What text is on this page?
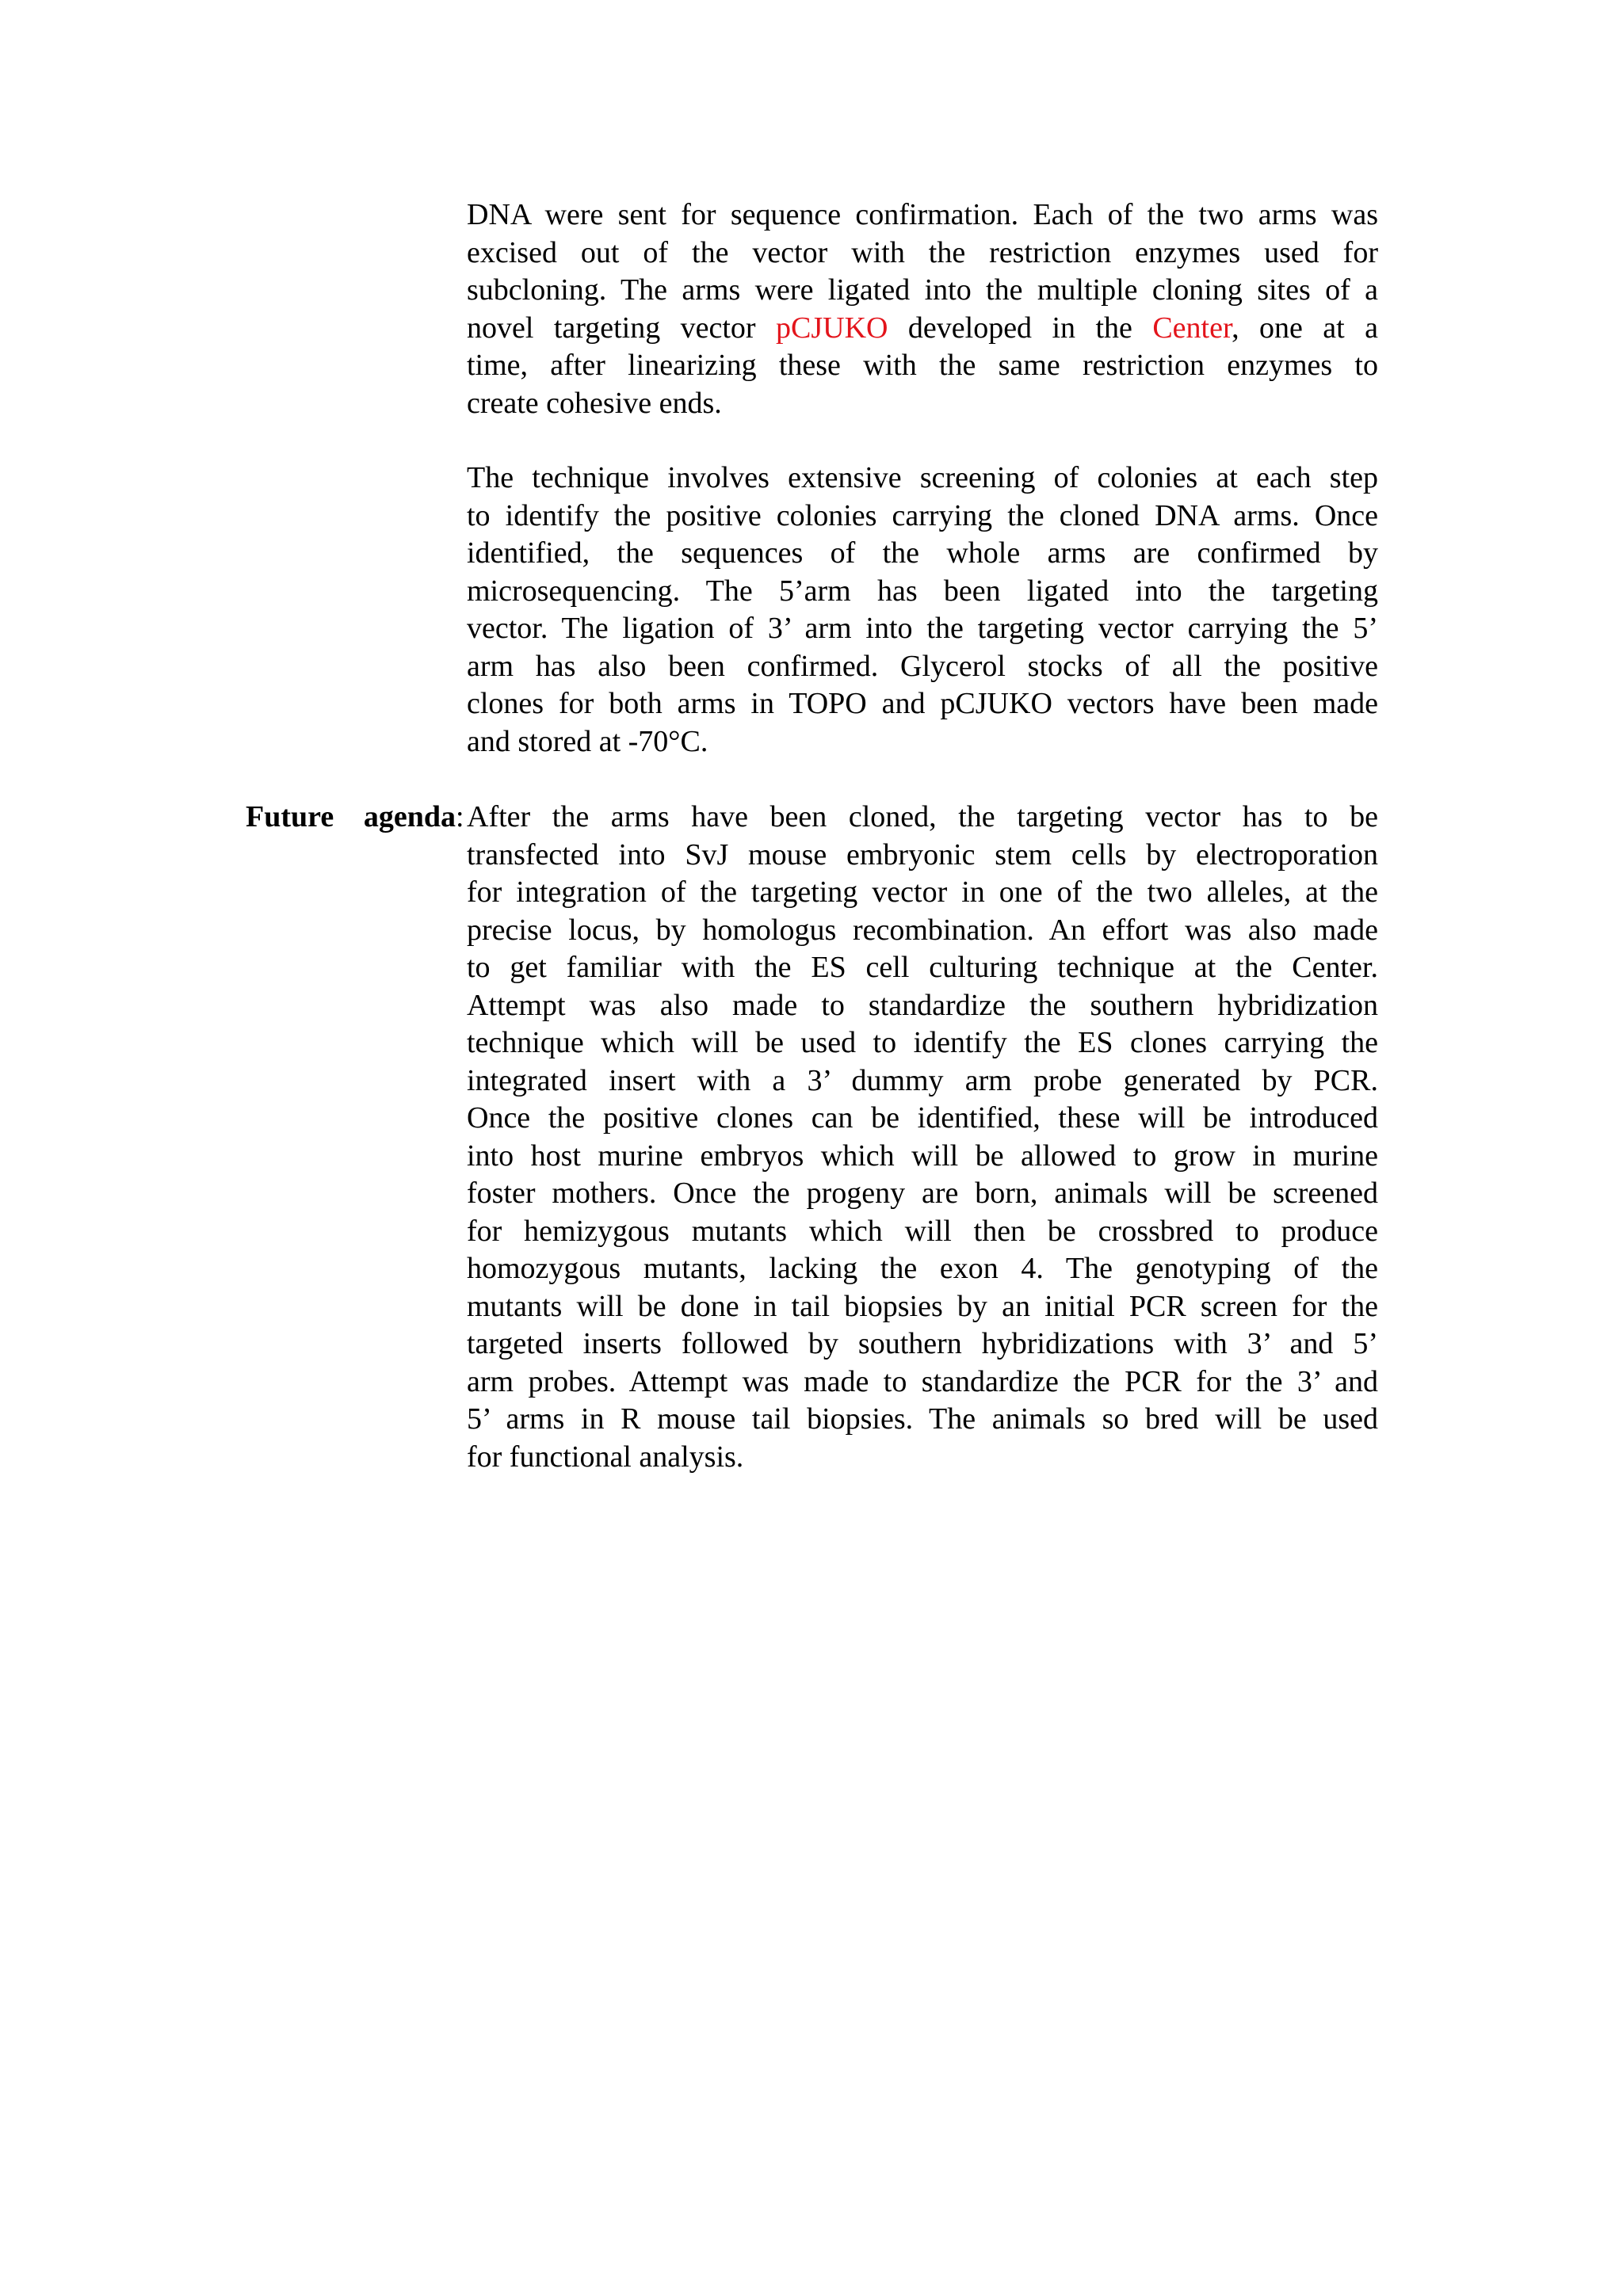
DNA were sent for sequence confirmation. Each of the two arms was
excised out of the vector with the restriction enzymes used for
subcloning. The arms were ligated into the multiple cloning sites of a
novel targeting vector pCJUKO developed in the Center, one at a
time, after linearizing these with the same restriction enzymes to
create cohesive ends.
The technique involves extensive screening of colonies at each step
to identify the positive colonies carrying the cloned DNA arms. Once
identified, the sequences of the whole arms are confirmed by
microsequencing. The 5’arm has been ligated into the targeting
vector. The ligation of 3’ arm into the targeting vector carrying the 5’
arm has also been confirmed. Glycerol stocks of all the positive
clones for both arms in TOPO and pCJUKO vectors have been made
and stored at -70°C.
Future agenda: After the arms have been cloned, the targeting vector has to be
transfected into SvJ mouse embryonic stem cells by electroporation
for integration of the targeting vector in one of the two alleles, at the
precise locus, by homologus recombination. An effort was also made
to get familiar with the ES cell culturing technique at the Center.
Attempt was also made to standardize the southern hybridization
technique which will be used to identify the ES clones carrying the
integrated insert with a 3’ dummy arm probe generated by PCR.
Once the positive clones can be identified, these will be introduced
into host murine embryos which will be allowed to grow in murine
foster mothers. Once the progeny are born, animals will be screened
for hemizygous mutants which will then be crossbred to produce
homozygous mutants, lacking the exon 4. The genotyping of the
mutants will be done in tail biopsies by an initial PCR screen for the
targeted inserts followed by southern hybridizations with 3’ and 5’
arm probes. Attempt was made to standardize the PCR for the 3’ and
5’ arms in R mouse tail biopsies. The animals so bred will be used
for functional analysis.
